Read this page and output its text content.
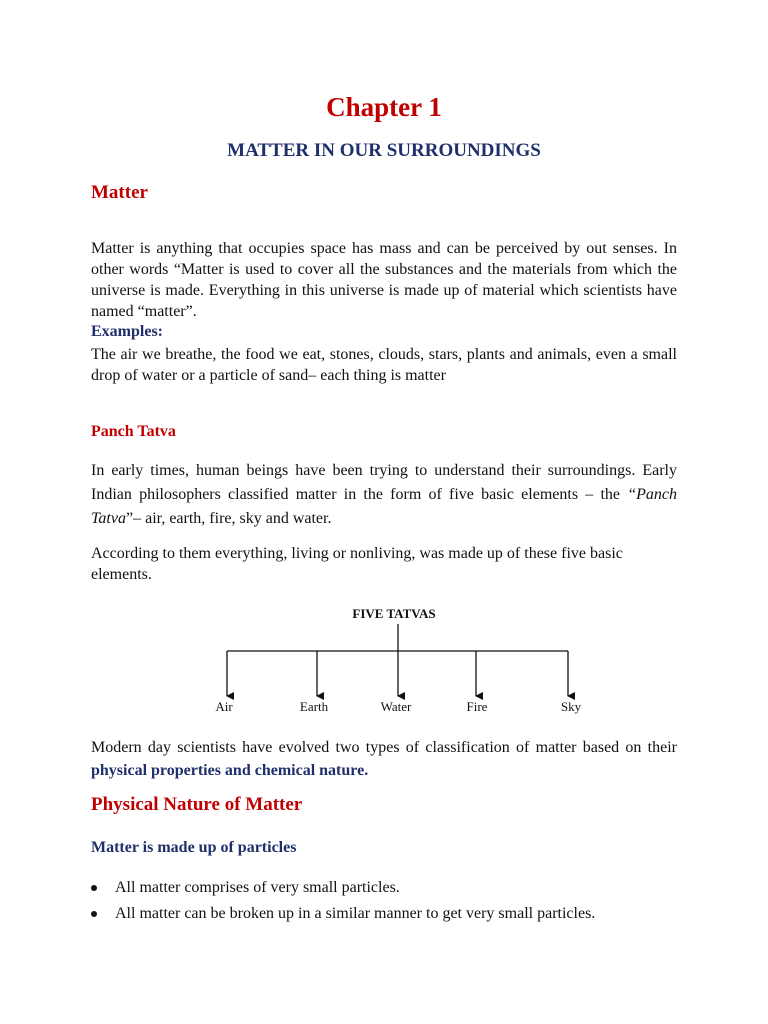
Chapter 1
MATTER IN OUR SURROUNDINGS
Matter

Matter is anything that occupies space has mass and can be perceived by out senses. In other words “Matter is used to cover all the substances and the materials from which the universe is made. Everything in this universe is made up of material which scientists have named “matter”.

Examples:

The air we breathe, the food we eat, stones, clouds, stars, plants and animals, even a small drop of water or a particle of sand– each thing is matter

Panch Tatva

In early times, human beings have been trying to understand their surroundings. Early Indian philosophers classified matter in the form of five basic elements – the “Panch Tatva”– air, earth, fire, sky and water.

According to them everything, living or nonliving, was made up of these five basic elements.

FIVE TATVAS
Air	Earth	Water	Fire	Sky

Modern day scientists have evolved two types of classification of matter based on their physical properties and chemical nature.

Physical Nature of Matter
Matter is made up of particles
All matter comprises of very small particles.
All matter can be broken up in a similar manner to get very small particles.
